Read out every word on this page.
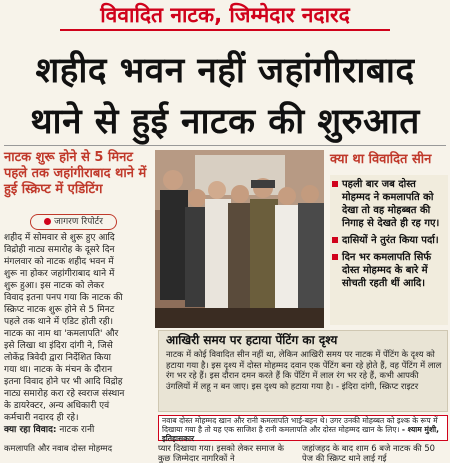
विवादित नाटक, जिम्मेदार नदारद
शहीद भवन नहीं जहांगीराबाद
थाने से हुई नाटक की शुरुआत
नाटक शुरू होने से 5 मिनट पहले तक जहांगीराबाद थाने में हुई स्क्रिप्ट में एडिटिंग
जागरण रिपोर्टर
शहीद में सोमवार से शुरू हुए आदि
विद्रोही नाट्य समारोह के दूसरे दिन
मंगलवार को नाटक शहीद भवन में
शुरू ना होकर जहांगीराबाद थाने में
शुरू हुआ। इस नाटक को लेकर
विवाद इतना पनप गया कि नाटक की
स्क्रिप्ट नाटक शुरू होने से 5 मिनट
पहले तक थाने में एडिट होती रही।
नाटक का नाम था 'कमलापति' और
इसे लिखा था इंदिरा दांगी ने, जिसे
लोकेंद्र त्रिवेदी द्वारा निर्देशित किया
गया था। नाटक के मंचन के दौरान
इतना विवाद होने पर भी आदि विद्रोह
नाट्य समारोह करा रहे स्वराज संस्थान
के डायरेक्टर, अन्य अधिकारी एवं
कर्मचारी नदारद ही रहे।
क्या रहा विवाद: नाटक रानी
क्या था विवादित सीन
पहली बार जब दोस्त मोहम्मद ने कमलापति को देखा तो वह मोहब्बत की निगाह से देखते ही रह गए।
दासियों ने तुरंत किया पर्दा।
दिन भर कमलापति सिर्फ दोस्त मोहम्मद के बारे में सोचती रहती थीं आदि।
आखिरी समय पर हटाया पेंटिंग का दृश्य
नाटक में कोई विवादित सीन नहीं था, लेकिन आखिरी समय पर नाटक में पेंटिंग के दृश्य को हटाया गया है। इस दृश्य में दोस्त मोहम्मद दवान एक पेंटिंग बना रहे होते हैं, वह पेंटिंग में लाल रंग भर रहे हैं। इस दौरान दमन करते हैं कि पेंटिंग में लाल रंग भर रहे हैं, कभी आपकी उंगलियों में लहू न बन जाए। इस दृश्य को हटाया गया है। - इंदिरा दांगी, स्क्रिप्ट राइटर
नवाब दोस्त मोहम्मद खान और रानी कमलापति भाई-बहन थे। उगर उनकी मोहब्बत को इश्क के रूप में दिखाया गया है तो यह एक साजिश है रानी कमलापति और दोस्त मोहम्मद खान के लिए। - श्याम मुंशी, इतिहासकार
कमलापति और नवाब दोस्त मोहम्मद	प्यार दिखाया गया। इसको लेकर समाज के कुछ जिम्मेदार नागरिकों ने
जहांजहद के बाद शाम 6 बजे नाटक की 50 पेज की स्क्रिप्ट थाने लाई गई
